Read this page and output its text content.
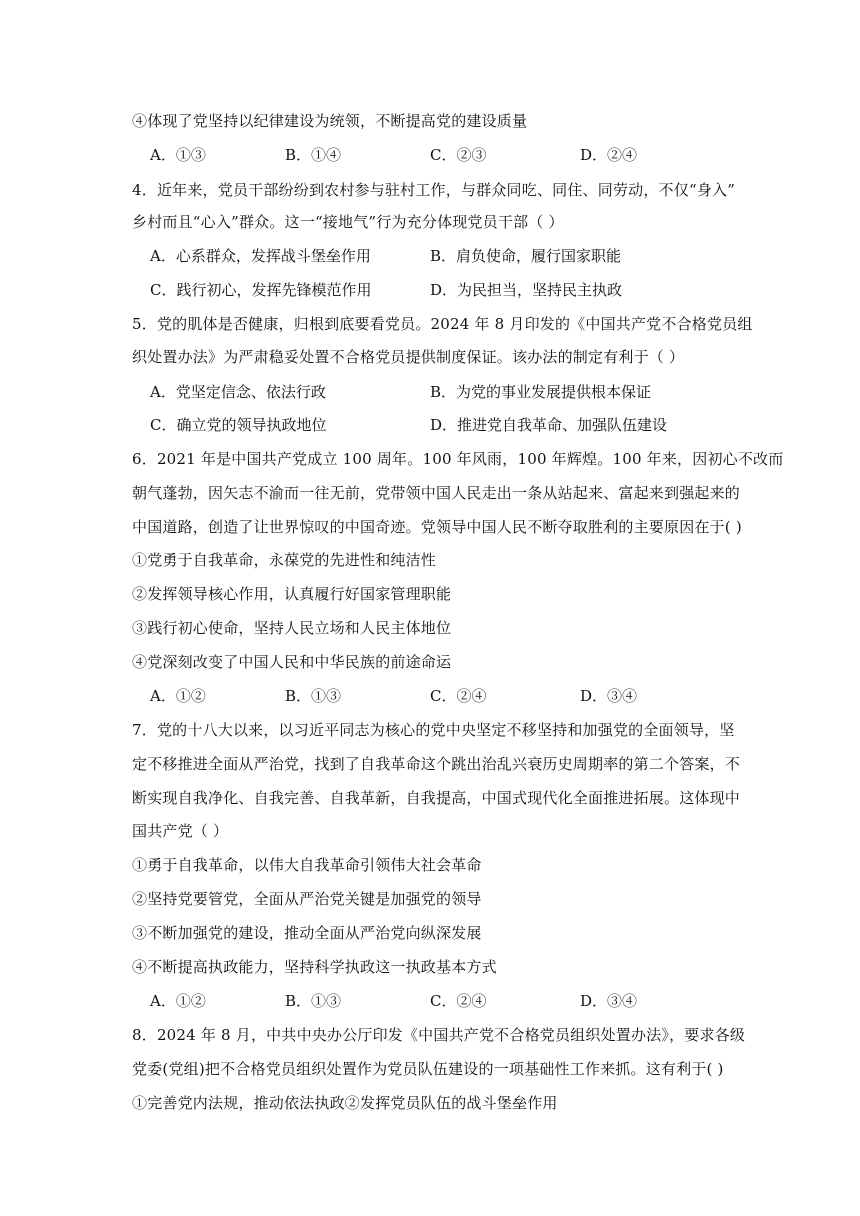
④体现了党坚持以纪律建设为统领，不断提高党的建设质量
A．①③	B．①④	C．②③	D．②④
4．近年来，党员干部纷纷到农村参与驻村工作，与群众同吃、同住、同劳动，不仅“身入”
乡村而且“心入”群众。这一“接地气”行为充分体现党员干部（ ）
A．心系群众，发挥战斗堡垒作用	B．肩负使命，履行国家职能
C．践行初心，发挥先锋模范作用	D．为民担当，坚持民主执政
5．党的肌体是否健康，归根到底要看党员。2024 年 8 月印发的《中国共产党不合格党员组
织处置办法》为严肃稳妥处置不合格党员提供制度保证。该办法的制定有利于（ ）
A．党坚定信念、依法行政	B．为党的事业发展提供根本保证
C．确立党的领导执政地位	D．推进党自我革命、加强队伍建设
6．2021 年是中国共产党成立 100 周年。100 年风雨，100 年辉煌。100 年来，因初心不改而
朝气蓬勃，因矢志不渝而一往无前，党带领中国人民走出一条从站起来、富起来到强起来的
中国道路，创造了让世界惊叹的中国奇迹。党领导中国人民不断夺取胜利的主要原因在于( )
①党勇于自我革命，永葆党的先进性和纯洁性
②发挥领导核心作用，认真履行好国家管理职能
③践行初心使命，坚持人民立场和人民主体地位
④党深刻改变了中国人民和中华民族的前途命运
A．①②	B．①③	C．②④	D．③④
7．党的十八大以来，以习近平同志为核心的党中央坚定不移坚持和加强党的全面领导，坚
定不移推进全面从严治党，找到了自我革命这个跳出治乱兴衰历史周期率的第二个答案，不
断实现自我净化、自我完善、自我革新，自我提高，中国式现代化全面推进拓展。这体现中
国共产党（ ）
①勇于自我革命，以伟大自我革命引领伟大社会革命
②坚持党要管党，全面从严治党关键是加强党的领导
③不断加强党的建设，推动全面从严治党向纵深发展
④不断提高执政能力，坚持科学执政这一执政基本方式
A．①②	B．①③	C．②④	D．③④
8．2024 年 8 月，中共中央办公厅印发《中国共产党不合格党员组织处置办法》，要求各级
党委(党组)把不合格党员组织处置作为党员队伍建设的一项基础性工作来抓。这有利于( )
①完善党内法规，推动依法执政②发挥党员队伍的战斗堡垒作用
